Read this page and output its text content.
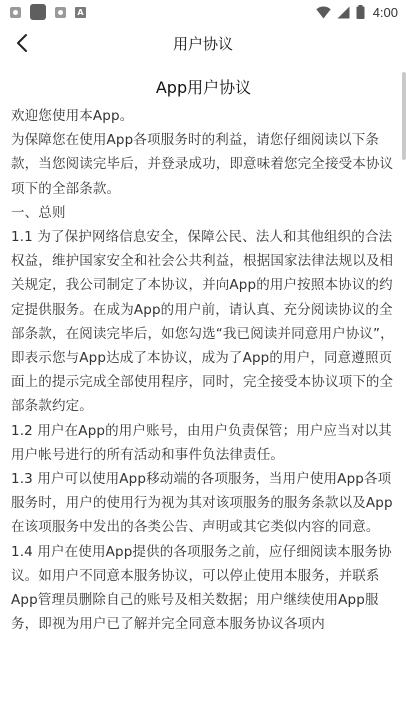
A	4:00
用户协议
App用户协议

欢迎您使用本App。

为保障您在使用App各项服务时的利益，请您仔细阅读以下条款，当您阅读完毕后，并登录成功，即意味着您完全接受本协议项下的全部条款。

一、总则

1.1 为了保护网络信息安全，保障公民、法人和其他组织的合法权益，维护国家安全和社会公共利益，根据国家法律法规以及相关规定，我公司制定了本协议，并向App的用户按照本协议的约定提供服务。在成为App的用户前，请认真、充分阅读协议的全部条款，在阅读完毕后，如您勾选“我已阅读并同意用户协议”，即表示您与App达成了本协议，成为了App的用户，同意遵照页面上的提示完成全部使用程序，同时，完全接受本协议项下的全部条款约定。

1.2 用户在App的用户账号，由用户负责保管；用户应当对以其用户帐号进行的所有活动和事件负法律责任。

1.3 用户可以使用App移动端的各项服务，当用户使用App各项服务时，用户的使用行为视为其对该项服务的服务条款以及App在该项服务中发出的各类公告、声明或其它类似内容的同意。

1.4 用户在使用App提供的各项服务之前，应仔细阅读本服务协议。如用户不同意本服务协议，可以停止使用本服务，并联系App管理员删除自己的账号及相关数据；用户继续使用App服务，即视为用户已了解并完全同意本服务协议各项内
